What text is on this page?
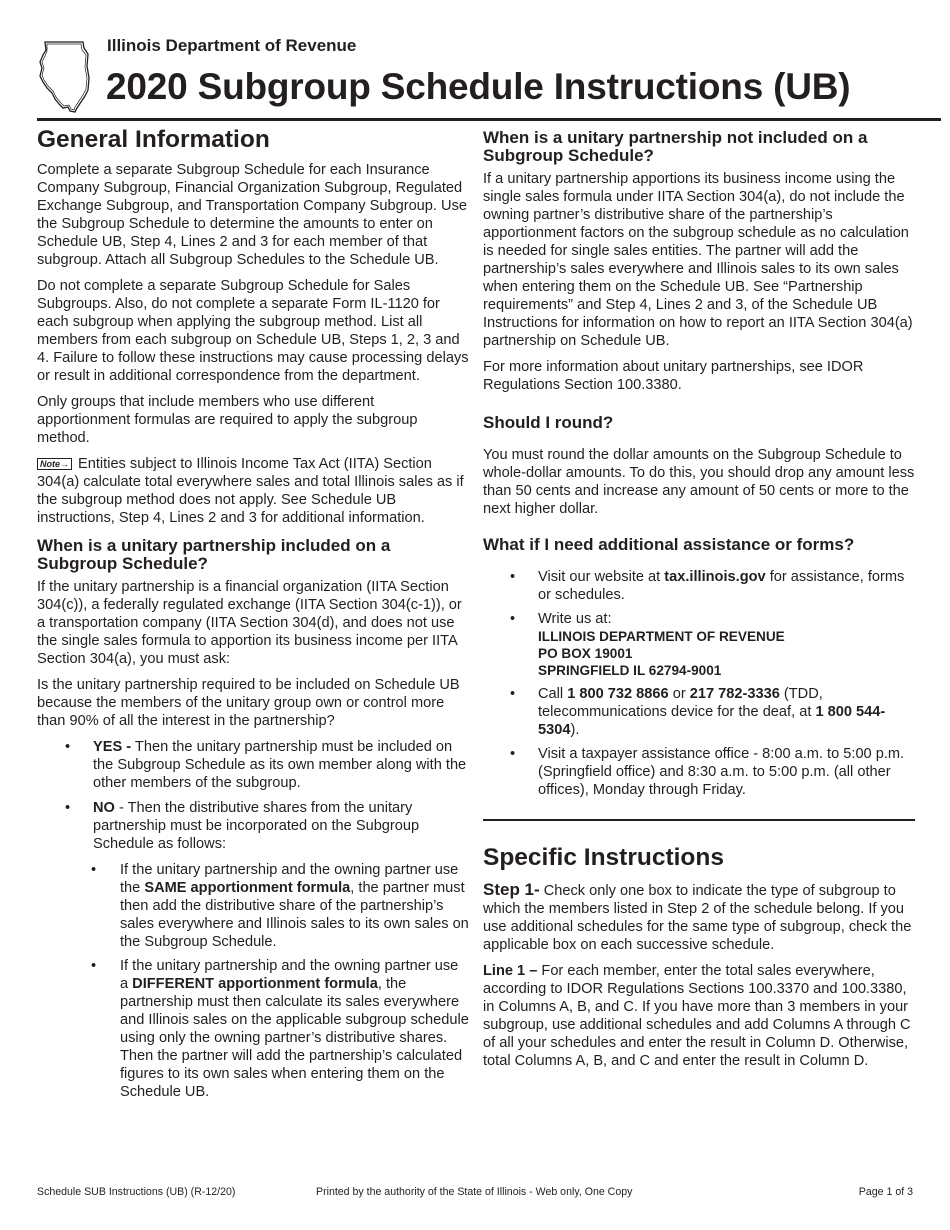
Illinois Department of Revenue
2020 Subgroup Schedule Instructions (UB)
General Information

Complete a separate Subgroup Schedule for each Insurance Company Subgroup, Financial Organization Subgroup, Regulated Exchange Subgroup, and Transportation Company Subgroup. Use the Subgroup Schedule to determine the amounts to enter on Schedule UB, Step 4, Lines 2 and 3 for each member of that subgroup. Attach all Subgroup Schedules to the Schedule UB.

Do not complete a separate Subgroup Schedule for Sales Subgroups. Also, do not complete a separate Form IL-1120 for each subgroup when applying the subgroup method. List all members from each subgroup on Schedule UB, Steps 1, 2, 3 and 4. Failure to follow these instructions may cause processing delays or result in additional correspondence from the department.

Only groups that include members who use different apportionment formulas are required to apply the subgroup method.

Note→ Entities subject to Illinois Income Tax Act (IITA) Section 304(a) calculate total everywhere sales and total Illinois sales as if the subgroup method does not apply. See Schedule UB instructions, Step 4, Lines 2 and 3 for additional information.

When is a unitary partnership included on a Subgroup Schedule?

If the unitary partnership is a financial organization (IITA Section 304(c)), a federally regulated exchange (IITA Section 304(c-1)), or a transportation company (IITA Section 304(d), and does not use the single sales formula to apportion its business income per IITA Section 304(a), you must ask:

Is the unitary partnership required to be included on Schedule UB because the members of the unitary group own or control more than 90% of all the interest in the partnership?

• YES - Then the unitary partnership must be included on the Subgroup Schedule as its own member along with the other members of the subgroup.
• NO - Then the distributive shares from the unitary partnership must be incorporated on the Subgroup Schedule as follows:
• If the unitary partnership and the owning partner use the SAME apportionment formula, the partner must then add the distributive share of the partnership’s sales everywhere and Illinois sales to its own sales on the Subgroup Schedule.
• If the unitary partnership and the owning partner use a DIFFERENT apportionment formula, the partnership must then calculate its sales everywhere and Illinois sales on the applicable subgroup schedule using only the owning partner’s distributive shares. Then the partner will add the partnership’s calculated figures to its own sales when entering them on the Schedule UB.
When is a unitary partnership not included on a Subgroup Schedule?

If a unitary partnership apportions its business income using the single sales formula under IITA Section 304(a), do not include the owning partner’s distributive share of the partnership’s apportionment factors on the subgroup schedule as no calculation is needed for single sales entities. The partner will add the partnership’s sales everywhere and Illinois sales to its own sales when entering them on the Schedule UB. See “Partnership requirements” and Step 4, Lines 2 and 3, of the Schedule UB Instructions for information on how to report an IITA Section 304(a) partnership on Schedule UB.

For more information about unitary partnerships, see IDOR Regulations Section 100.3380.

Should I round?

You must round the dollar amounts on the Subgroup Schedule to whole-dollar amounts. To do this, you should drop any amount less than 50 cents and increase any amount of 50 cents or more to the next higher dollar.

What if I need additional assistance or forms?
• Visit our website at tax.illinois.gov for assistance, forms or schedules.
• Write us at:
ILLINOIS DEPARTMENT OF REVENUE
PO BOX 19001
SPRINGFIELD IL 62794-9001
• Call 1 800 732 8866 or 217 782-3336 (TDD, telecommunications device for the deaf, at 1 800 544-5304).
• Visit a taxpayer assistance office - 8:00 a.m. to 5:00 p.m. (Springfield office) and 8:30 a.m. to 5:00 p.m. (all other offices), Monday through Friday.
Specific Instructions

Step 1- Check only one box to indicate the type of subgroup to which the members listed in Step 2 of the schedule belong. If you use additional schedules for the same type of subgroup, check the applicable box on each successive schedule.

Line 1 – For each member, enter the total sales everywhere, according to IDOR Regulations Sections 100.3370 and 100.3380, in Columns A, B, and C. If you have more than 3 members in your subgroup, use additional schedules and add Columns A through C of all your schedules and enter the result in Column D. Otherwise, total Columns A, B, and C and enter the result in Column D.

Schedule SUB Instructions (UB) (R-12/20)	Printed by the authority of the State of Illinois - Web only, One Copy	Page 1 of 3
